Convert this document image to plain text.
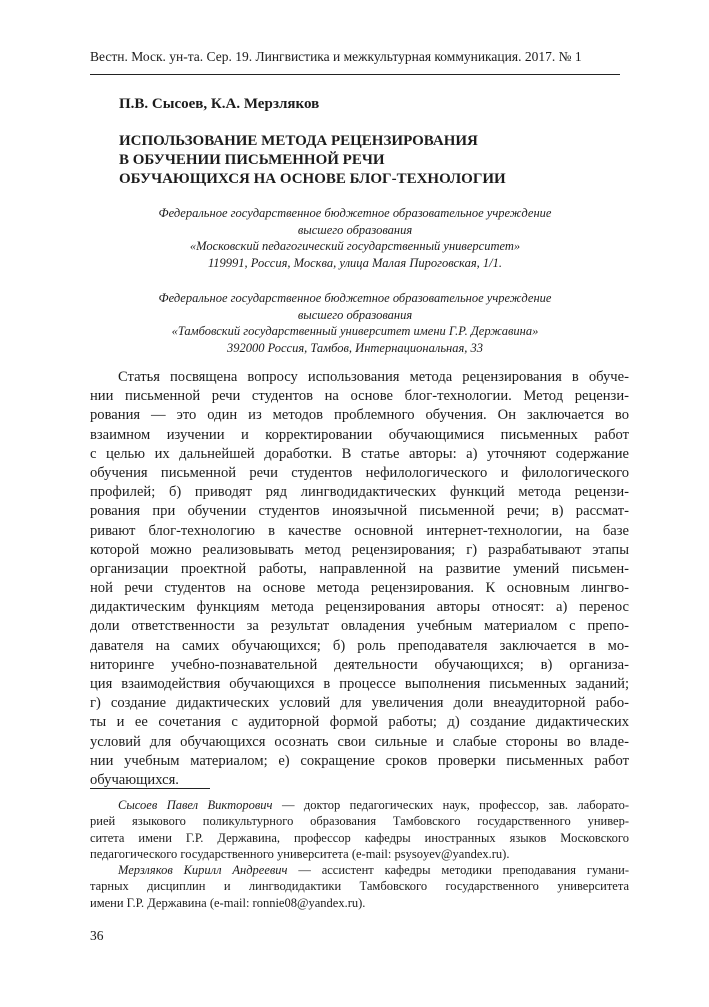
Вестн. Моск. ун-та. Сер. 19. Лингвистика и межкультурная коммуникация. 2017. № 1
П.В. Сысоев, К.А. Мерзляков
ИСПОЛЬЗОВАНИЕ МЕТОДА РЕЦЕНЗИРОВАНИЯ
В ОБУЧЕНИИ ПИСЬМЕННОЙ РЕЧИ
ОБУЧАЮЩИХСЯ НА ОСНОВЕ БЛОГ-ТЕХНОЛОГИИ
Федеральное государственное бюджетное образовательное учреждение
высшего образования
«Московский педагогический государственный университет»
119991, Россия, Москва, улица Малая Пироговская, 1/1.
Федеральное государственное бюджетное образовательное учреждение
высшего образования
«Тамбовский государственный университет имени Г.Р. Державина»
392000 Россия, Тамбов, Интернациональная, 33
Статья посвящена вопросу использования метода рецензирования в обуче-
нии письменной речи студентов на основе блог-технологии. Метод рецензи-
рования — это один из методов проблемного обучения. Он заключается во
взаимном изучении и корректировании обучающимися письменных работ
с целью их дальнейшей доработки. В статье авторы: а) уточняют содержание
обучения письменной речи студентов нефилологического и филологического
профилей; б) приводят ряд лингводидактических функций метода рецензи-
рования при обучении студентов иноязычной письменной речи; в) рассмат-
ривают блог-технологию в качестве основной интернет-технологии, на базе
которой можно реализовывать метод рецензирования; г) разрабатывают этапы
организации проектной работы, направленной на развитие умений письмен-
ной речи студентов на основе метода рецензирования. К основным лингво-
дидактическим функциям метода рецензирования авторы относят: а) перенос
доли ответственности за результат овладения учебным материалом с препо-
давателя на самих обучающихся; б) роль преподавателя заключается в мо-
ниторинге учебно-познавательной деятельности обучающихся; в) организа-
ция взаимодействия обучающихся в процессе выполнения письменных заданий;
г) создание дидактических условий для увеличения доли внеаудиторной рабо-
ты и ее сочетания с аудиторной формой работы; д) создание дидактических
условий для обучающихся осознать свои сильные и слабые стороны во владе-
нии учебным материалом; е) сокращение сроков проверки письменных работ
обучающихся.
Сысоев Павел Викторович — доктор педагогических наук, профессор, зав. лаборато-
рией языкового поликультурного образования Тамбовского государственного универ-
ситета имени Г.Р. Державина, профессор кафедры иностранных языков Московского
педагогического государственного университета (e-mail: psysoyev@yandex.ru).
Мерзляков Кирилл Андреевич — ассистент кафедры методики преподавания гумани-
тарных дисциплин и лингводидактики Тамбовского государственного университета
имени Г.Р. Державина (e-mail: ronnie08@yandex.ru).
36
